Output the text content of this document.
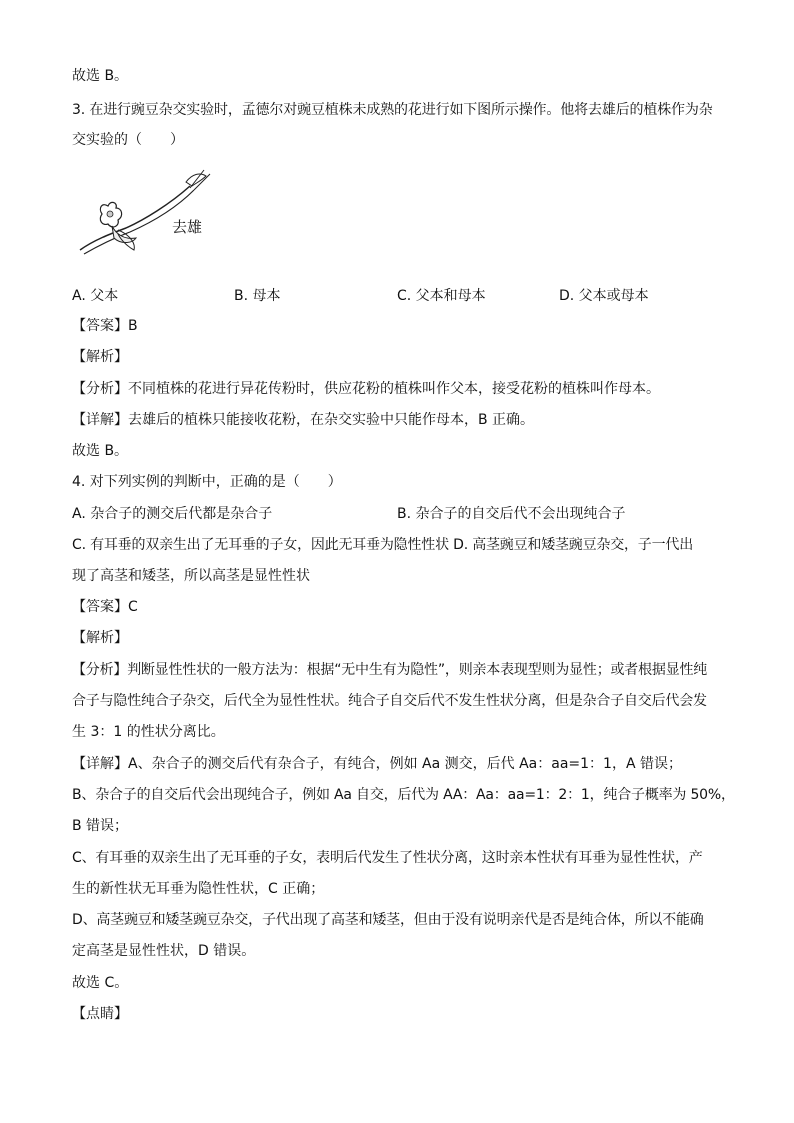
故选 B。
3. 在进行豌豆杂交实验时，孟德尔对豌豆植株未成熟的花进行如下图所示操作。他将去雄后的植株作为杂
交实验的（　　）
去雄
A. 父本	B. 母本	C. 父本和母本	D. 父本或母本
【答案】B
【解析】
【分析】不同植株的花进行异花传粉时，供应花粉的植株叫作父本，接受花粉的植株叫作母本。
【详解】去雄后的植株只能接收花粉，在杂交实验中只能作母本，B 正确。
故选 B。
4. 对下列实例的判断中，正确的是（　　）
A. 杂合子的测交后代都是杂合子	B. 杂合子的自交后代不会出现纯合子
C. 有耳垂的双亲生出了无耳垂的子女，因此无耳垂为隐性性状 D. 高茎豌豆和矮茎豌豆杂交，子一代出
现了高茎和矮茎，所以高茎是显性性状
【答案】C
【解析】
【分析】判断显性性状的一般方法为：根据“无中生有为隐性”，则亲本表现型则为显性；或者根据显性纯
合子与隐性纯合子杂交，后代全为显性性状。纯合子自交后代不发生性状分离，但是杂合子自交后代会发
生 3：1 的性状分离比。
【详解】A、杂合子的测交后代有杂合子，有纯合，例如 Aa 测交，后代 Aa：aa=1：1，A 错误；
B、杂合子的自交后代会出现纯合子，例如 Aa 自交，后代为 AA：Aa：aa=1：2：1，纯合子概率为 50%，
B 错误；
C、有耳垂的双亲生出了无耳垂的子女，表明后代发生了性状分离，这时亲本性状有耳垂为显性性状，产
生的新性状无耳垂为隐性性状，C 正确；
D、高茎豌豆和矮茎豌豆杂交，子代出现了高茎和矮茎，但由于没有说明亲代是否是纯合体，所以不能确
定高茎是显性性状，D 错误。
故选 C。
【点睛】
